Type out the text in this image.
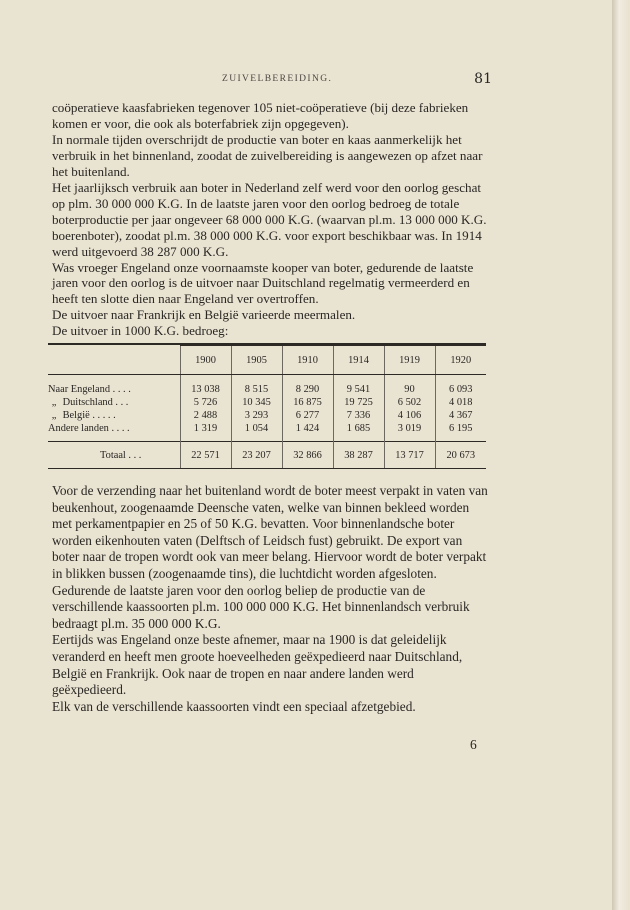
ZUIVELBEREIDING.	81

coöperatieve kaasfabrieken tegenover 105 niet-coöperatieve (bij deze fabrieken komen er voor, die ook als boterfabriek zijn opgegeven).

In normale tijden overschrijdt de productie van boter en kaas aanmerkelijk het verbruik in het binnenland, zoodat de zuivelbereiding is aangewezen op afzet naar het buitenland.

Het jaarlijksch verbruik aan boter in Nederland zelf werd voor den oorlog geschat op plm. 30 000 000 K.G. In de laatste jaren voor den oorlog bedroeg de totale boterproductie per jaar ongeveer 68 000 000 K.G. (waarvan pl.m. 13 000 000 K.G. boerenboter), zoodat pl.m. 38 000 000 K.G. voor export beschikbaar was. In 1914 werd uitgevoerd 38 287 000 K.G.

Was vroeger Engeland onze voornaamste kooper van boter, gedurende de laatste jaren voor den oorlog is de uitvoer naar Duitschland regelmatig vermeerderd en heeft ten slotte dien naar Engeland ver overtroffen.

De uitvoer naar Frankrijk en België varieerde meermalen.

De uitvoer in 1000 K.G. bedroeg:

	1900	1905	1910	1914	1919	1920
Naar Engeland . . . .	13 038	8 515	8 290	9 541	90	6 093
„ Duitschland . . .	5 726	10 345	16 875	19 725	6 502	4 018
„ België . . . . .	2 488	3 293	6 277	7 336	4 106	4 367
Andere landen . . . .	1 319	1 054	1 424	1 685	3 019	6 195
Totaal . . .	22 571	23 207	32 866	38 287	13 717	20 673

Voor de verzending naar het buitenland wordt de boter meest verpakt in vaten van beukenhout, zoogenaamde Deensche vaten, welke van binnen bekleed worden met perkamentpapier en 25 of 50 K.G. bevatten. Voor binnenlandsche boter worden eikenhouten vaten (Delftsch of Leidsch fust) gebruikt. De export van boter naar de tropen wordt ook van meer belang. Hiervoor wordt de boter verpakt in blikken bussen (zoogenaamde tins), die luchtdicht worden afgesloten.

Gedurende de laatste jaren voor den oorlog beliep de productie van de verschillende kaassoorten pl.m. 100 000 000 K.G. Het binnenlandsch verbruik bedraagt pl.m. 35 000 000 K.G.

Eertijds was Engeland onze beste afnemer, maar na 1900 is dat geleidelijk veranderd en heeft men groote hoeveelheden geëxpedieerd naar Duitschland, België en Frankrijk. Ook naar de tropen en naar andere landen werd geëxpedieerd.

Elk van de verschillende kaassoorten vindt een speciaal afzetgebied.

6
